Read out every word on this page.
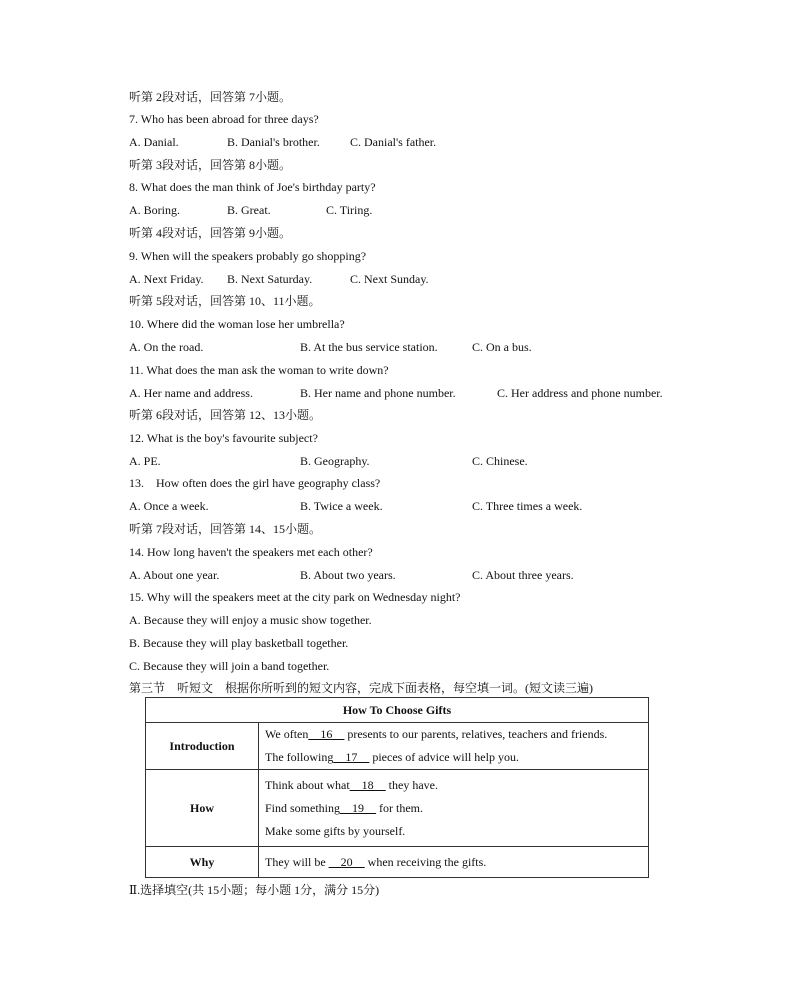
听第 2段对话，回答第 7小题。
7. Who has been abroad for three days?
A. Danial.	B. Danial's brother.	C. Danial's father.
听第 3段对话，回答第 8小题。
8. What does the man think of Joe's birthday party?
A. Boring.	B. Great.	C. Tiring.
听第 4段对话，回答第 9小题。
9. When will the speakers probably go shopping?
A. Next Friday. B. Next Saturday.	C. Next Sunday.
听第 5段对话，回答第 10、11小题。
10. Where did the woman lose her umbrella?
A. On the road.	B. At the bus service station.	C. On a bus.
11. What does the man ask the woman to write down?
A. Her name and address.	B. Her name and phone number.	C. Her address and phone number.
听第 6段对话，回答第 12、13小题。
12. What is the boy's favourite subject?
A. PE.	B. Geography.	C. Chinese.
13.　How often does the girl have geography class?
A. Once a week.	B. Twice a week.	C. Three times a week.
听第 7段对话，回答第 14、15小题。
14. How long haven't the speakers met each other?
A. About one year.	B. About two years.	C. About three years.
15. Why will the speakers meet at the city park on Wednesday night?
A. Because they will enjoy a music show together.
B. Because they will play basketball together.
C. Because they will join a band together.
第三节　听短文　根据你所听到的短文内容，完成下面表格，每空填一词。(短文读三遍)
How To Choose Gifts	
Introduction	We often__16__ presents to our parents, relatives, teachers and friends.
The following__17__ pieces of advice will help you.

How	Think about what__18__ they have.
Find something__19__ for them.
Make some gifts by yourself.

Why	They will be __20__ when receiving the gifts.
Ⅱ.选择填空(共 15小题；每小题 1分，满分 15分)
